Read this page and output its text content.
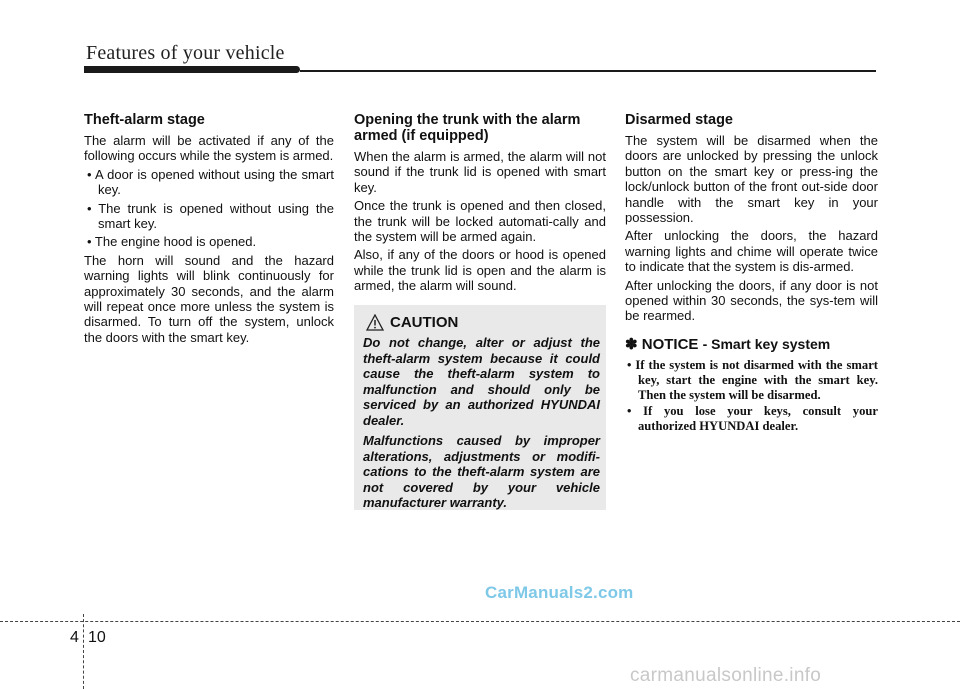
Features of your vehicle
Theft-alarm stage

The alarm will be activated if any of the following occurs while the system is armed.

• A door is opened without using the smart key.

• The trunk is opened without using the smart key.

• The engine hood is opened.

The horn will sound and the hazard warning lights will blink continuously for approximately 30 seconds, and the alarm will repeat once more unless the system is disarmed. To turn off the system, unlock the doors with the smart key.

Opening the trunk with the alarm armed (if equipped)

When the alarm is armed, the alarm will not sound if the trunk lid is opened with smart key.

Once the trunk is opened and then closed, the trunk will be locked automati-cally and the system will be armed again.

Also, if any of the doors or hood is opened while the trunk lid is open and the alarm is armed, the alarm will sound.

CAUTION

Do not change, alter or adjust the theft-alarm system because it could cause the theft-alarm system to malfunction and should only be serviced by an authorized HYUNDAI dealer.

Malfunctions caused by improper alterations, adjustments or modifi-cations to the theft-alarm system are not covered by your vehicle manufacturer warranty.

Disarmed stage

The system will be disarmed when the doors are unlocked by pressing the unlock button on the smart key or press-ing the lock/unlock button of the front out-side door handle with the smart key in your possession.

After unlocking the doors, the hazard warning lights and chime will operate twice to indicate that the system is dis-armed.

After unlocking the doors, if any door is not opened within 30 seconds, the sys-tem will be rearmed.

✽ NOTICE - Smart key system

• If the system is not disarmed with the smart key, start the engine with the smart key. Then the system will be disarmed.

• If you lose your keys, consult your authorized HYUNDAI dealer.

CarManuals2.com
4 10
carmanualsonline.info
